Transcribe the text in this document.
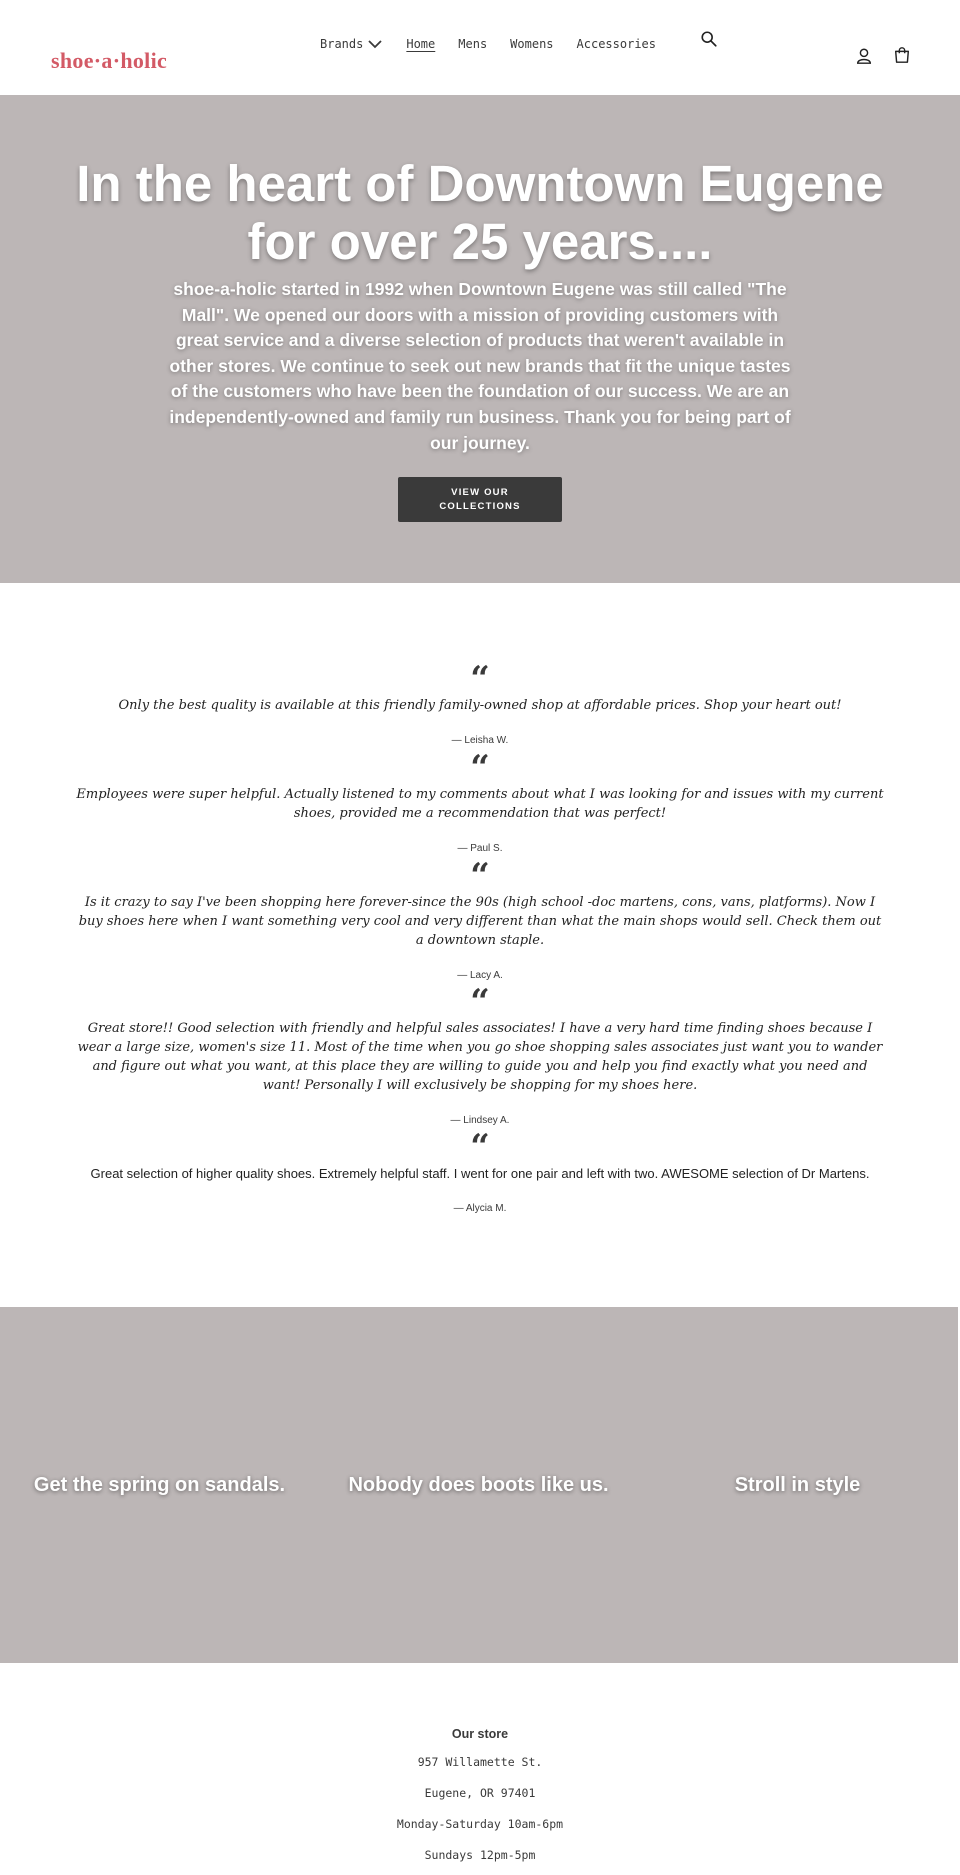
shoe·a·holic
Brands	Home Mens Womens Accessories
In the heart of Downtown Eugene for over 25 years....

shoe-a-holic started in 1992 when Downtown Eugene was still called "The Mall". We opened our doors with a mission of providing customers with great service and a diverse selection of products that weren't available in other stores. We continue to seek out new brands that fit the unique tastes of the customers who have been the foundation of our success. We are an independently-owned and family run business. Thank you for being part of our journey.

VIEW OUR COLLECTIONS
“

Only the best quality is available at this friendly family-owned shop at affordable prices. Shop your heart out!

— Leisha W.
“

Employees were super helpful. Actually listened to my comments about what I was looking for and issues with my current shoes, provided me a recommendation that was perfect!

— Paul S.
“

Is it crazy to say I've been shopping here forever-since the 90s (high school -doc martens, cons, vans, platforms). Now I buy shoes here when I want something very cool and very different than what the main shops would sell. Check them out a downtown staple.

— Lacy A.
“

Great store!! Good selection with friendly and helpful sales associates! I have a very hard time finding shoes because I wear a large size, women's size 11. Most of the time when you go shoe shopping sales associates just want you to wander and figure out what you want, at this place they are willing to guide you and help you find exactly what you need and want! Personally I will exclusively be shopping for my shoes here.

— Lindsey A.
“

Great selection of higher quality shoes. Extremely helpful staff. I went for one pair and left with two. AWESOME selection of Dr Martens.

— Alycia M.
Get the spring on sandals.	Nobody does boots like us.	Stroll in style
Our store
957 Willamette St.
Eugene, OR 97401
Monday-Saturday 10am-6pm
Sundays 12pm-5pm
